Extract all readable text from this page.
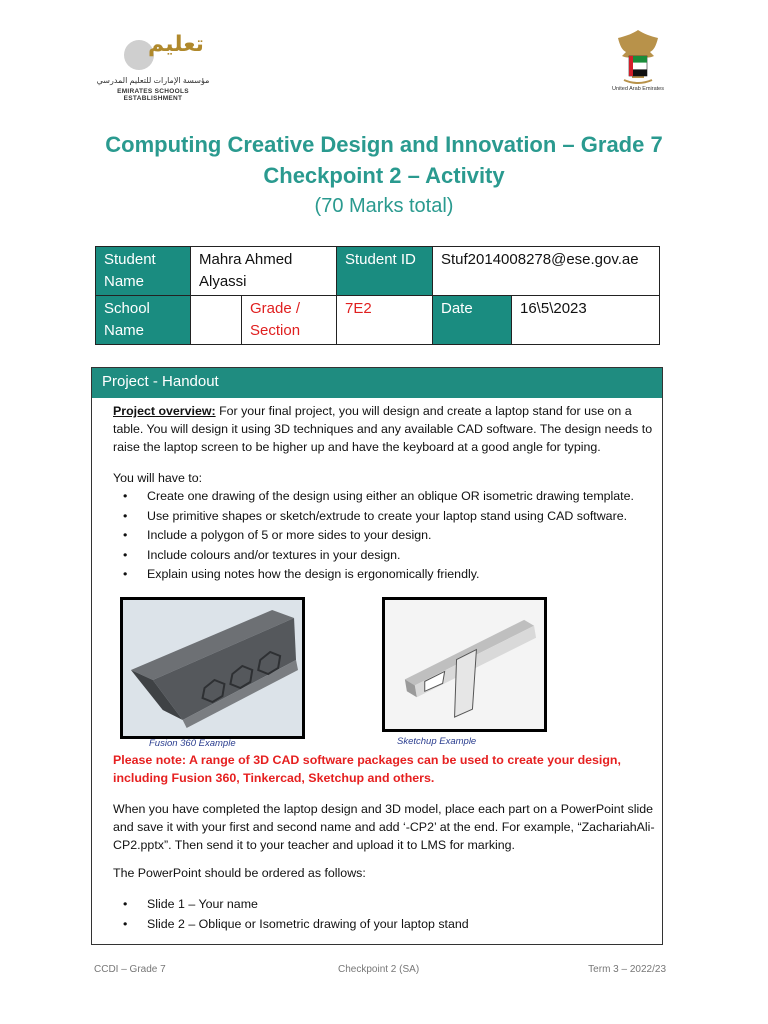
تعليم
مؤسسة الإمارات للتعليم المدرسي
EMIRATES SCHOOLS ESTABLISHMENT
United Arab Emirates
Computing Creative Design and Innovation – Grade 7
Checkpoint 2 – Activity
(70 Marks total)
Student Name	Mahra Ahmed Alyassi		Student ID	Stuf2014008278@ese.gov.ae	
School Name		Grade / Section	7E2	Date	16\5\2023
Project - Handout
Project overview: For your final project, you will design and create a laptop stand for use on a table. You will design it using 3D techniques and any available CAD software. The design needs to raise the laptop screen to be higher up and have the keyboard at a good angle for typing.
You will have to:
• Create one drawing of the design using either an oblique OR isometric drawing template.
• Use primitive shapes or sketch/extrude to create your laptop stand using CAD software.
• Include a polygon of 5 or more sides to your design.
• Include colours and/or textures in your design.
• Explain using notes how the design is ergonomically friendly.
Fusion 360 Example	Sketchup Example
Please note: A range of 3D CAD software packages can be used to create your design, including Fusion 360, Tinkercad, Sketchup and others.
When you have completed the laptop design and 3D model, place each part on a PowerPoint slide and save it with your first and second name and add ‘-CP2’ at the end. For example, “ZachariahAli-CP2.pptx”. Then send it to your teacher and upload it to LMS for marking.
The PowerPoint should be ordered as follows:
• Slide 1 – Your name
• Slide 2 – Oblique or Isometric drawing of your laptop stand
CCDI – Grade 7	Checkpoint 2 (SA)	Term 3 – 2022/23
